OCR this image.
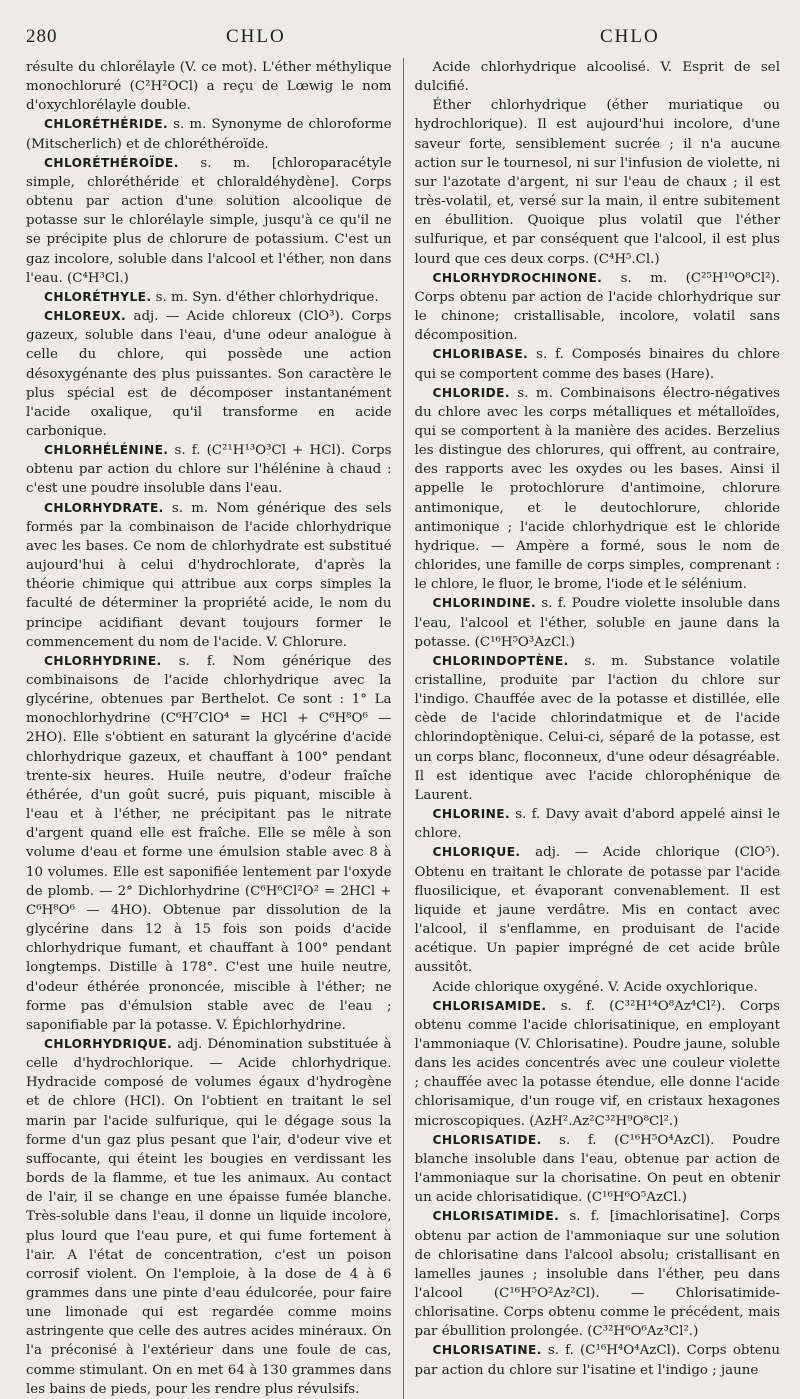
280	CHLO	CHLO

résulte du chlorélayle (V. ce mot). L'éther méthylique monochloruré (C²H²OCl) a reçu de Lœwig le nom d'oxychlorélayle double.

CHLORÉTHÉRIDE. s. m. Synonyme de chloroforme (Mitscherlich) et de chloréthéroïde.

CHLORÉTHÉROÏDE. s. m. [chloroparacétyle simple, chloréthéride et chloraldéhydène]. Corps obtenu par action d'une solution alcoolique de potasse sur le chlorélayle simple, jusqu'à ce qu'il ne se précipite plus de chlorure de potassium. C'est un gaz incolore, soluble dans l'alcool et l'éther, non dans l'eau. (C⁴H³Cl.)

CHLORÉTHYLE. s. m. Syn. d'éther chlorhydrique.

CHLOREUX. adj. — Acide chloreux (ClO³). Corps gazeux, soluble dans l'eau, d'une odeur analogue à celle du chlore, qui possède une action désoxygénante des plus puissantes. Son caractère le plus spécial est de décomposer instantanément l'acide oxalique, qu'il transforme en acide carbonique.

CHLORHÉLÉNINE. s. f. (C²¹H¹³O³Cl + HCl). Corps obtenu par action du chlore sur l'hélénine à chaud : c'est une poudre insoluble dans l'eau.

CHLORHYDRATE. s. m. Nom générique des sels formés par la combinaison de l'acide chlorhydrique avec les bases. Ce nom de chlorhydrate est substitué aujourd'hui à celui d'hydrochlorate, d'après la théorie chimique qui attribue aux corps simples la faculté de déterminer la propriété acide, le nom du principe acidifiant devant toujours former le commencement du nom de l'acide. V. Chlorure.

CHLORHYDRINE. s. f. Nom générique des combinaisons de l'acide chlorhydrique avec la glycérine, obtenues par Berthelot. Ce sont : 1° La monochlorhydrine (C⁶H⁷ClO⁴ = HCl + C⁶H⁸O⁶ — 2HO). Elle s'obtient en saturant la glycérine d'acide chlorhydrique gazeux, et chauffant à 100° pendant trente-six heures. Huile neutre, d'odeur fraîche éthérée, d'un goût sucré, puis piquant, miscible à l'eau et à l'éther, ne précipitant pas le nitrate d'argent quand elle est fraîche. Elle se mêle à son volume d'eau et forme une émulsion stable avec 8 à 10 volumes. Elle est saponifiée lentement par l'oxyde de plomb. — 2° Dichlorhydrine (C⁶H⁶Cl²O² = 2HCl + C⁶H⁸O⁶ — 4HO). Obtenue par dissolution de la glycérine dans 12 à 15 fois son poids d'acide chlorhydrique fumant, et chauffant à 100° pendant longtemps. Distille à 178°. C'est une huile neutre, d'odeur éthérée prononcée, miscible à l'éther; ne forme pas d'émulsion stable avec de l'eau ; saponifiable par la potasse. V. Épichlorhydrine.

CHLORHYDRIQUE. adj. Dénomination substituée à celle d'hydrochlorique. — Acide chlorhydrique. Hydracide composé de volumes égaux d'hydrogène et de chlore (HCl). On l'obtient en traitant le sel marin par l'acide sulfurique, qui le dégage sous la forme d'un gaz plus pesant que l'air, d'odeur vive et suffocante, qui éteint les bougies en verdissant les bords de la flamme, et tue les animaux. Au contact de l'air, il se change en une épaisse fumée blanche. Très-soluble dans l'eau, il donne un liquide incolore, plus lourd que l'eau pure, et qui fume fortement à l'air. A l'état de concentration, c'est un poison corrosif violent. On l'emploie, à la dose de 4 à 6 grammes dans une pinte d'eau édulcorée, pour faire une limonade qui est regardée comme moins astringente que celle des autres acides minéraux. On l'a préconisé à l'extérieur dans une foule de cas, comme stimulant. On en met 64 à 130 grammes dans les bains de pieds, pour les rendre plus révulsifs.

Acide chlorhydrique alcoolisé. V. Esprit de sel dulcifié.

Éther chlorhydrique (éther muriatique ou hydrochlorique). Il est aujourd'hui incolore, d'une saveur forte, sensiblement sucrée ; il n'a aucune action sur le tournesol, ni sur l'infusion de violette, ni sur l'azotate d'argent, ni sur l'eau de chaux ; il est très-volatil, et, versé sur la main, il entre subitement en ébullition. Quoique plus volatil que l'éther sulfurique, et par conséquent que l'alcool, il est plus lourd que ces deux corps. (C⁴H⁵.Cl.)

CHLORHYDROCHINONE. s. m. (C²⁵H¹⁰O⁸Cl²). Corps obtenu par action de l'acide chlorhydrique sur le chinone; cristallisable, incolore, volatil sans décomposition.

CHLORIBASE. s. f. Composés binaires du chlore qui se comportent comme des bases (Hare).

CHLORIDE. s. m. Combinaisons électro-négatives du chlore avec les corps métalliques et métalloïdes, qui se comportent à la manière des acides. Berzelius les distingue des chlorures, qui offrent, au contraire, des rapports avec les oxydes ou les bases. Ainsi il appelle le protochlorure d'antimoine, chlorure antimonique, et le deutochlorure, chloride antimonique ; l'acide chlorhydrique est le chloride hydrique. — Ampère a formé, sous le nom de chlorides, une famille de corps simples, comprenant : le chlore, le fluor, le brome, l'iode et le sélénium.

CHLORINDINE. s. f. Poudre violette insoluble dans l'eau, l'alcool et l'éther, soluble en jaune dans la potasse. (C¹⁶H⁵O³AzCl.)

CHLORINDOPTÈNE. s. m. Substance volatile cristalline, produite par l'action du chlore sur l'indigo. Chauffée avec de la potasse et distillée, elle cède de l'acide chlorindatmique et de l'acide chlorindoptènique. Celui-ci, séparé de la potasse, est un corps blanc, floconneux, d'une odeur désagréable. Il est identique avec l'acide chlorophénique de Laurent.

CHLORINE. s. f. Davy avait d'abord appelé ainsi le chlore.

CHLORIQUE. adj. — Acide chlorique (ClO⁵). Obtenu en traitant le chlorate de potasse par l'acide fluosilicique, et évaporant convenablement. Il est liquide et jaune verdâtre. Mis en contact avec l'alcool, il s'enflamme, en produisant de l'acide acétique. Un papier imprégné de cet acide brûle aussitôt.

Acide chlorique oxygéné. V. Acide oxychlorique.

CHLORISAMIDE. s. f. (C³²H¹⁴O⁸Az⁴Cl²). Corps obtenu comme l'acide chlorisatinique, en employant l'ammoniaque (V. Chlorisatine). Poudre jaune, soluble dans les acides concentrés avec une couleur violette ; chauffée avec la potasse étendue, elle donne l'acide chlorisamique, d'un rouge vif, en cristaux hexagones microscopiques. (AzH².Az²C³²H⁹O⁸Cl².)

CHLORISATIDE. s. f. (C¹⁶H⁵O⁴AzCl). Poudre blanche insoluble dans l'eau, obtenue par action de l'ammoniaque sur la chorisatine. On peut en obtenir un acide chlorisatidique. (C¹⁶H⁶O⁵AzCl.)

CHLORISATIMIDE. s. f. [imachlorisatine]. Corps obtenu par action de l'ammoniaque sur une solution de chlorisatine dans l'alcool absolu; cristallisant en lamelles jaunes ; insoluble dans l'éther, peu dans l'alcool (C¹⁶H⁵O²Az²Cl). — Chlorisatimide-chlorisatine. Corps obtenu comme le précédent, mais par ébullition prolongée. (C³²H⁶O⁶Az³Cl².)

CHLORISATINE. s. f. (C¹⁶H⁴O⁴AzCl). Corps obtenu par action du chlore sur l'isatine et l'indigo ; jaune
